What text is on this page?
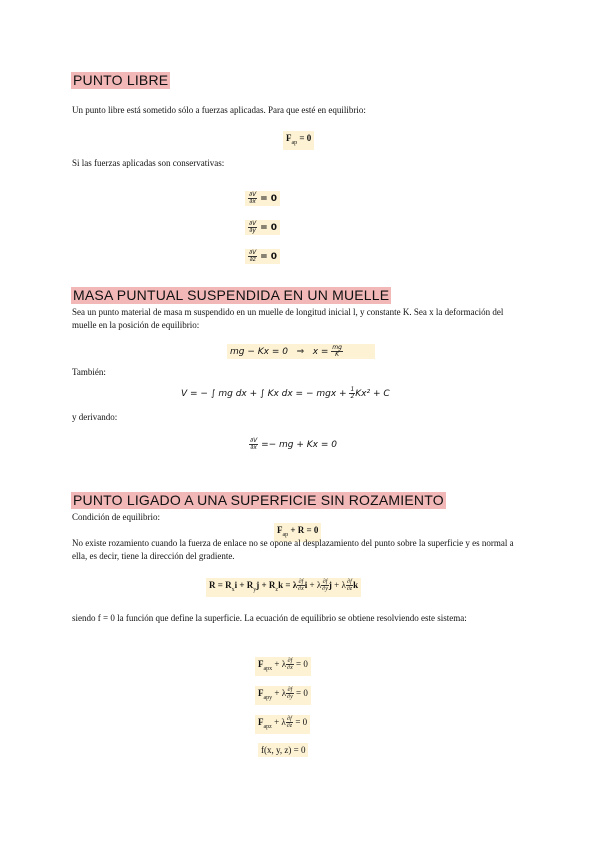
PUNTO LIBRE
Un punto libre está sometido sólo a fuerzas aplicadas. Para que esté en equilibrio:
$F_{ap} = 0$
Si las fuerzas aplicadas son conservativas:
$\frac{\partial V}{\partial x} = 0$
$\frac{\partial V}{\partial y} = 0$
$\frac{\partial V}{\partial z} = 0$
MASA PUNTUAL SUSPENDIDA EN UN MUELLE
Sea un punto material de masa m suspendido en un muelle de longitud inicial l, y constante K. Sea x la deformación del muelle en la posición de equilibrio:
mg − Kx = 0 ⇒ $x = \frac{mg}{K}$
También:
V = − ∫ mg dx + ∫ Kx dx = − mgx + $\frac{1}{2} Kx^2 + C$
y derivando:
$\frac{\partial V}{\partial x}$ =− mg + Kx = 0
PUNTO LIGADO A UNA SUPERFICIE SIN ROZAMIENTO
Condición de equilibrio:
$F_{ap} + R = 0$
No existe rozamiento cuando la fuerza de enlace no se opone al desplazamiento del punto sobre la superficie y es normal a ella, es decir, tiene la dirección del gradiente.
$R = R_xi + R_yj + R_zk = \lambda \frac{\partial f}{\partial x}$ i + λ $\frac{\partial f}{\partial y}$ j + λ $\frac{\partial f}{\partial z}$ k
siendo f = 0 la función que define la superficie. La ecuación de equilibrio se obtiene resolviendo este sistema:
$F_{apx} + \lambda \frac{\partial f}{\partial x} = 0$
$F_{apy} + \lambda \frac{\partial f}{\partial y} = 0$
$F_{apz} + \lambda \frac{\partial f}{\partial z} = 0$
f(x, y, z) = 0
